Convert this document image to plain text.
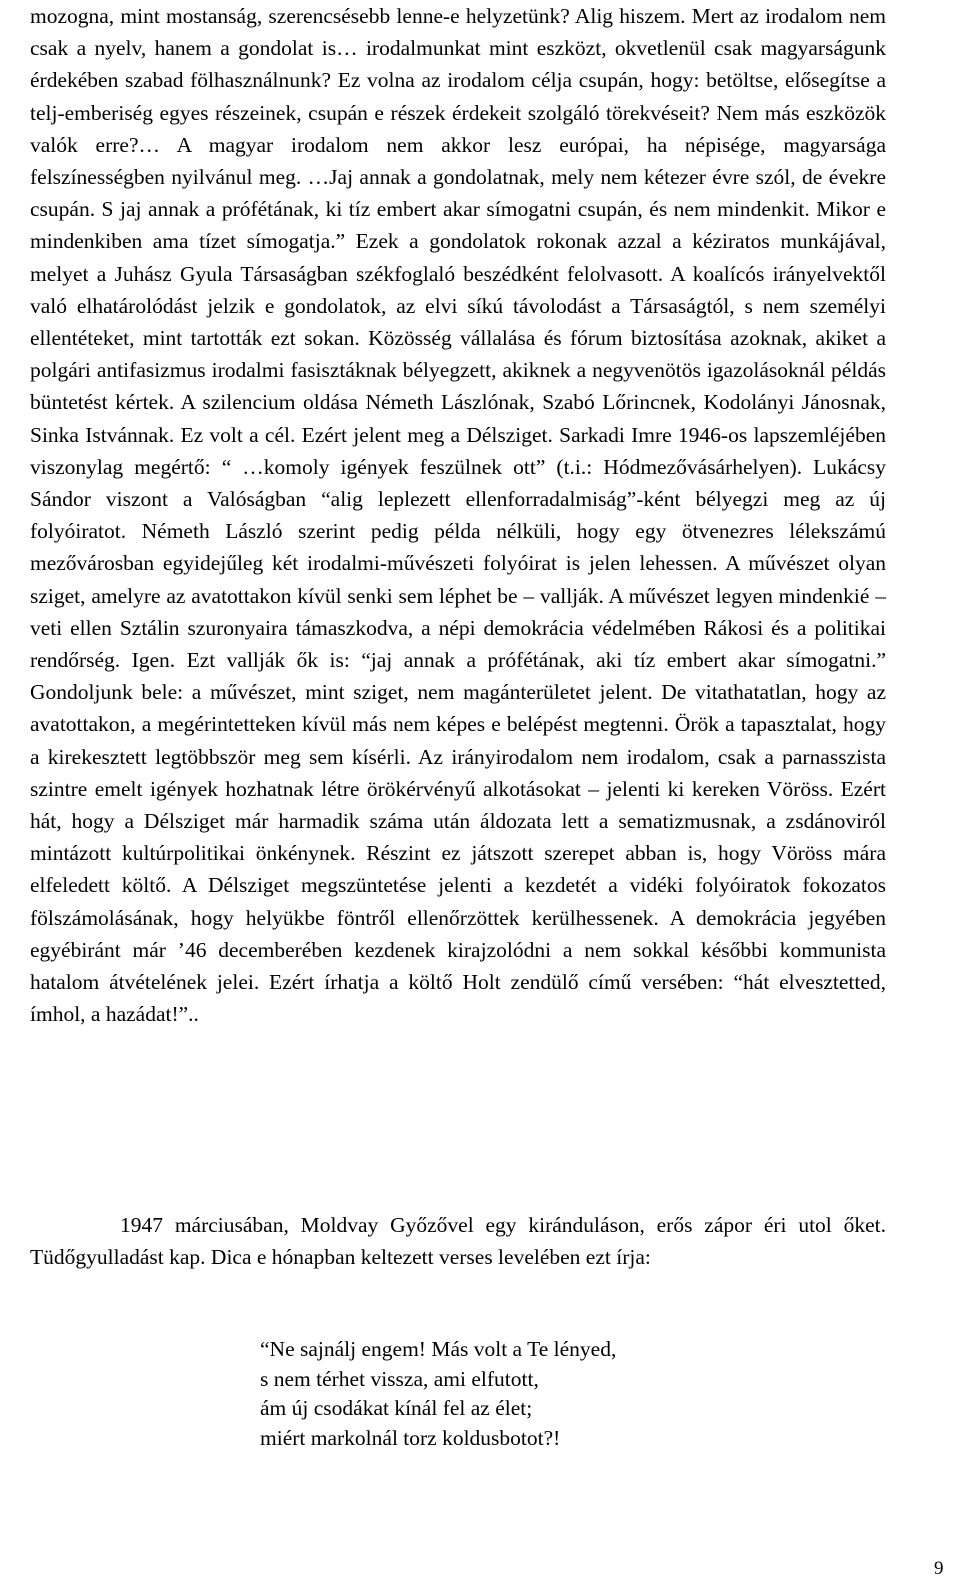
mozogna, mint mostanság, szerencsésebb lenne-e helyzetünk? Alig hiszem. Mert az irodalom nem csak a nyelv, hanem a gondolat is… irodalmunkat mint eszközt, okvetlenül csak magyarságunk érdekében szabad fölhasználnunk? Ez volna az irodalom célja csupán, hogy: betöltse, elősegítse a telj-emberiség egyes részeinek, csupán e részek érdekeit szolgáló törekvéseit? Nem más eszközök valók erre?… A magyar irodalom nem akkor lesz európai, ha népisége, magyarsága felszínességben nyilvánul meg. …Jaj annak a gondolatnak, mely nem kétezer évre szól, de évekre csupán. S jaj annak a prófétának, ki tíz embert akar símogatni csupán, és nem mindenkit. Mikor e mindenkiben ama tízet símogatja.” Ezek a gondolatok rokonak azzal a kéziratos munkájával, melyet a Juhász Gyula Társaságban székfoglaló beszédként felolvasott. A koalícós irányelvektől való elhatárolódást jelzik e gondolatok, az elvi síkú távolodást a Társaságtól, s nem személyi ellentéteket, mint tartották ezt sokan. Közösség vállalása és fórum biztosítása azoknak, akiket a polgári antifasizmus irodalmi fasisztáknak bélyegzett, akiknek a negyvenötös igazolásoknál példás büntetést kértek. A szilencium oldása Németh Lászlónak, Szabó Lőrincnek, Kodolányi Jánosnak, Sinka Istvánnak. Ez volt a cél. Ezért jelent meg a Délsziget. Sarkadi Imre 1946-os lapszemléjében viszonylag megértő: “ …komoly igények feszülnek ott” (t.i.: Hódmezővásárhelyen). Lukácsy Sándor viszont a Valóságban “alig leplezett ellenforradalmiság”-ként bélyegzi meg az új folyóiratot. Németh László szerint pedig példa nélküli, hogy egy ötvenezres lélekszámú mezővárosban egyidejűleg két irodalmi-művészeti folyóirat is jelen lehessen. A művészet olyan sziget, amelyre az avatottakon kívül senki sem léphet be – vallják. A művészet legyen mindenkié – veti ellen Sztálin szuronyaira támaszkodva, a népi demokrácia védelmében Rákosi és a politikai rendőrség. Igen. Ezt vallják ők is: “jaj annak a prófétának, aki tíz embert akar símogatni.” Gondoljunk bele: a művészet, mint sziget, nem magánterületet jelent. De vitathatatlan, hogy az avatottakon, a megérintetteken kívül más nem képes e belépést megtenni. Örök a tapasztalat, hogy a kirekesztett legtöbbször meg sem kísérli. Az irányirodalom nem irodalom, csak a parnasszista szintre emelt igények hozhatnak létre örökérvényű alkotásokat – jelenti ki kereken Vöröss. Ezért hát, hogy a Délsziget már harmadik száma után áldozata lett a sematizmusnak, a zsdánoviról mintázott kultúrpolitikai önkénynek. Részint ez játszott szerepet abban is, hogy Vöröss mára elfeledett költő. A Délsziget megszüntetése jelenti a kezdetét a vidéki folyóiratok fokozatos fölszámolásának, hogy helyükbe föntről ellenőrzöttek kerülhessenek. A demokrácia jegyében egyébiránt már ’46 decemberében kezdenek kirajzolódni a nem sokkal későbbi kommunista hatalom átvételének jelei. Ezért írhatja a költő Holt zendülő című versében: “hát elvesztetted, ímhol, a hazádat!”..

1947 márciusában, Moldvay Győzővel egy kiránduláson, erős zápor éri utol őket. Tüdőgyulladást kap. Dica e hónapban keltezett verses levelében ezt írja:

“Ne sajnálj engem! Más volt a Te lényed,
s nem térhet vissza, ami elfutott,
ám új csodákat kínál fel az élet;
miért markolnál torz koldusbotot?!
9
